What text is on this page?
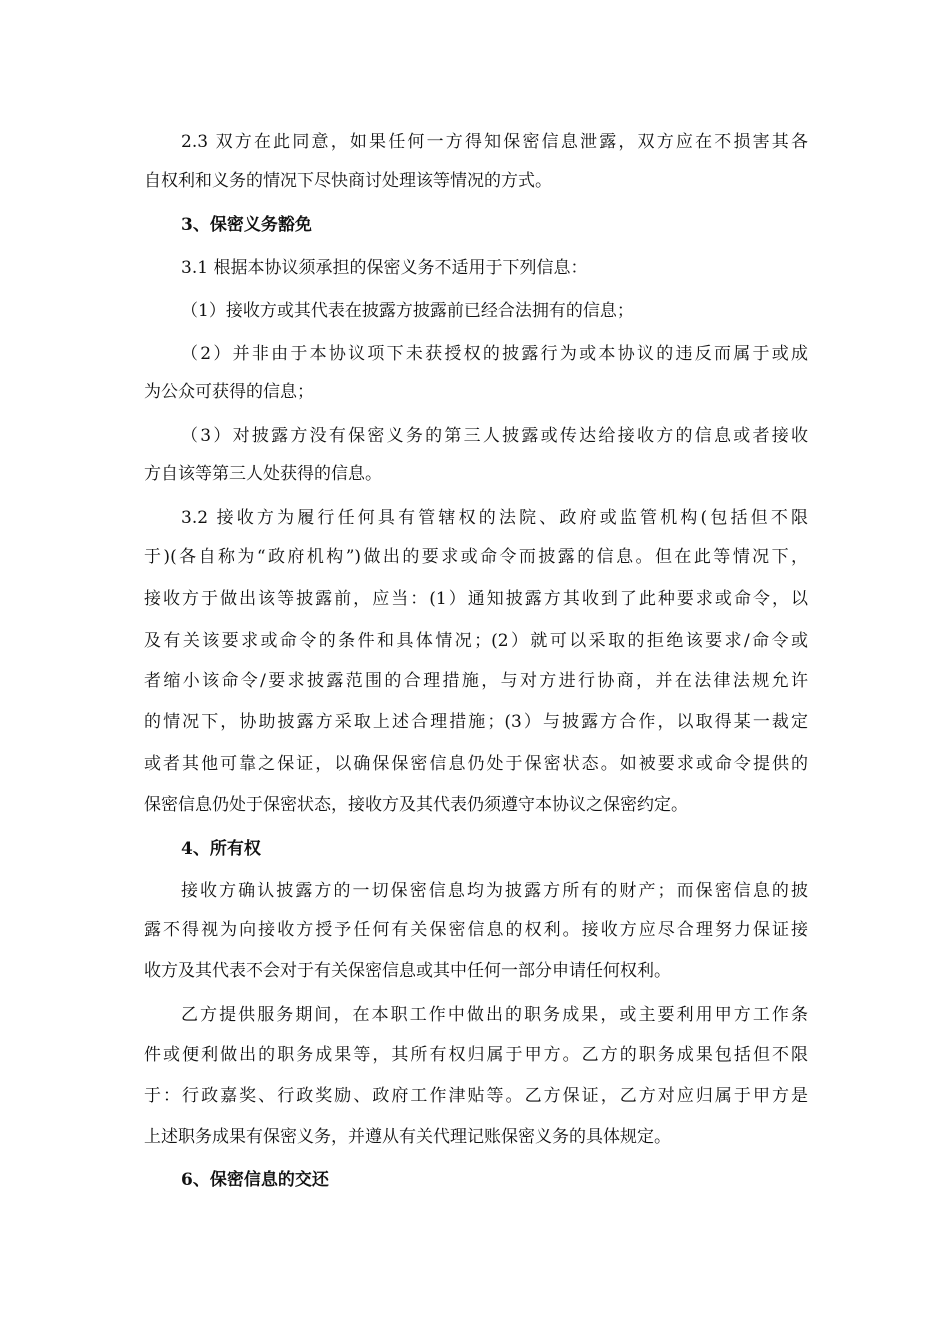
2.3 双方在此同意，如果任何一方得知保密信息泄露，双方应在不损害其各
自权利和义务的情况下尽快商讨处理该等情况的方式。
3、保密义务豁免
3.1 根据本协议须承担的保密义务不适用于下列信息：
（1）接收方或其代表在披露方披露前已经合法拥有的信息；
（2）并非由于本协议项下未获授权的披露行为或本协议的违反而属于或成
为公众可获得的信息；
（3）对披露方没有保密义务的第三人披露或传达给接收方的信息或者接收
方自该等第三人处获得的信息。
3.2 接收方为履行任何具有管辖权的法院、政府或监管机构(包括但不限
于)(各自称为“政府机构”)做出的要求或命令而披露的信息。但在此等情况下，
接收方于做出该等披露前，应当：(1）通知披露方其收到了此种要求或命令，以
及有关该要求或命令的条件和具体情况；(2）就可以采取的拒绝该要求/命令或
者缩小该命令/要求披露范围的合理措施，与对方进行协商，并在法律法规允许
的情况下，协助披露方采取上述合理措施；(3）与披露方合作，以取得某一裁定
或者其他可靠之保证，以确保保密信息仍处于保密状态。如被要求或命令提供的
保密信息仍处于保密状态，接收方及其代表仍须遵守本协议之保密约定。
4、所有权
接收方确认披露方的一切保密信息均为披露方所有的财产；而保密信息的披
露不得视为向接收方授予任何有关保密信息的权利。接收方应尽合理努力保证接
收方及其代表不会对于有关保密信息或其中任何一部分申请任何权利。
乙方提供服务期间，在本职工作中做出的职务成果，或主要利用甲方工作条
件或便利做出的职务成果等，其所有权归属于甲方。乙方的职务成果包括但不限
于：行政嘉奖、行政奖励、政府工作津贴等。乙方保证，乙方对应归属于甲方是
上述职务成果有保密义务，并遵从有关代理记账保密义务的具体规定。
6、保密信息的交还
